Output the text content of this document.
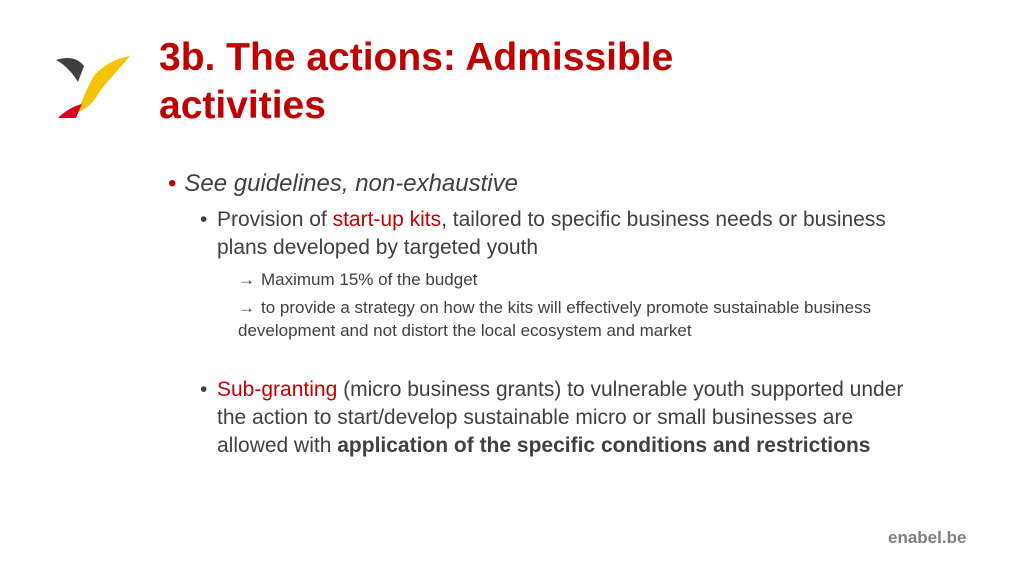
3b. The actions: Admissible activities
• See guidelines, non-exhaustive
• Provision of start-up kits, tailored to specific business needs or business plans developed by targeted youth
→ Maximum 15% of the budget
→ to provide a strategy on how the kits will effectively promote sustainable business development and not distort the local ecosystem and market
• Sub-granting (micro business grants) to vulnerable youth supported under the action to start/develop sustainable micro or small businesses are allowed with application of the specific conditions and restrictions
enabel.be
